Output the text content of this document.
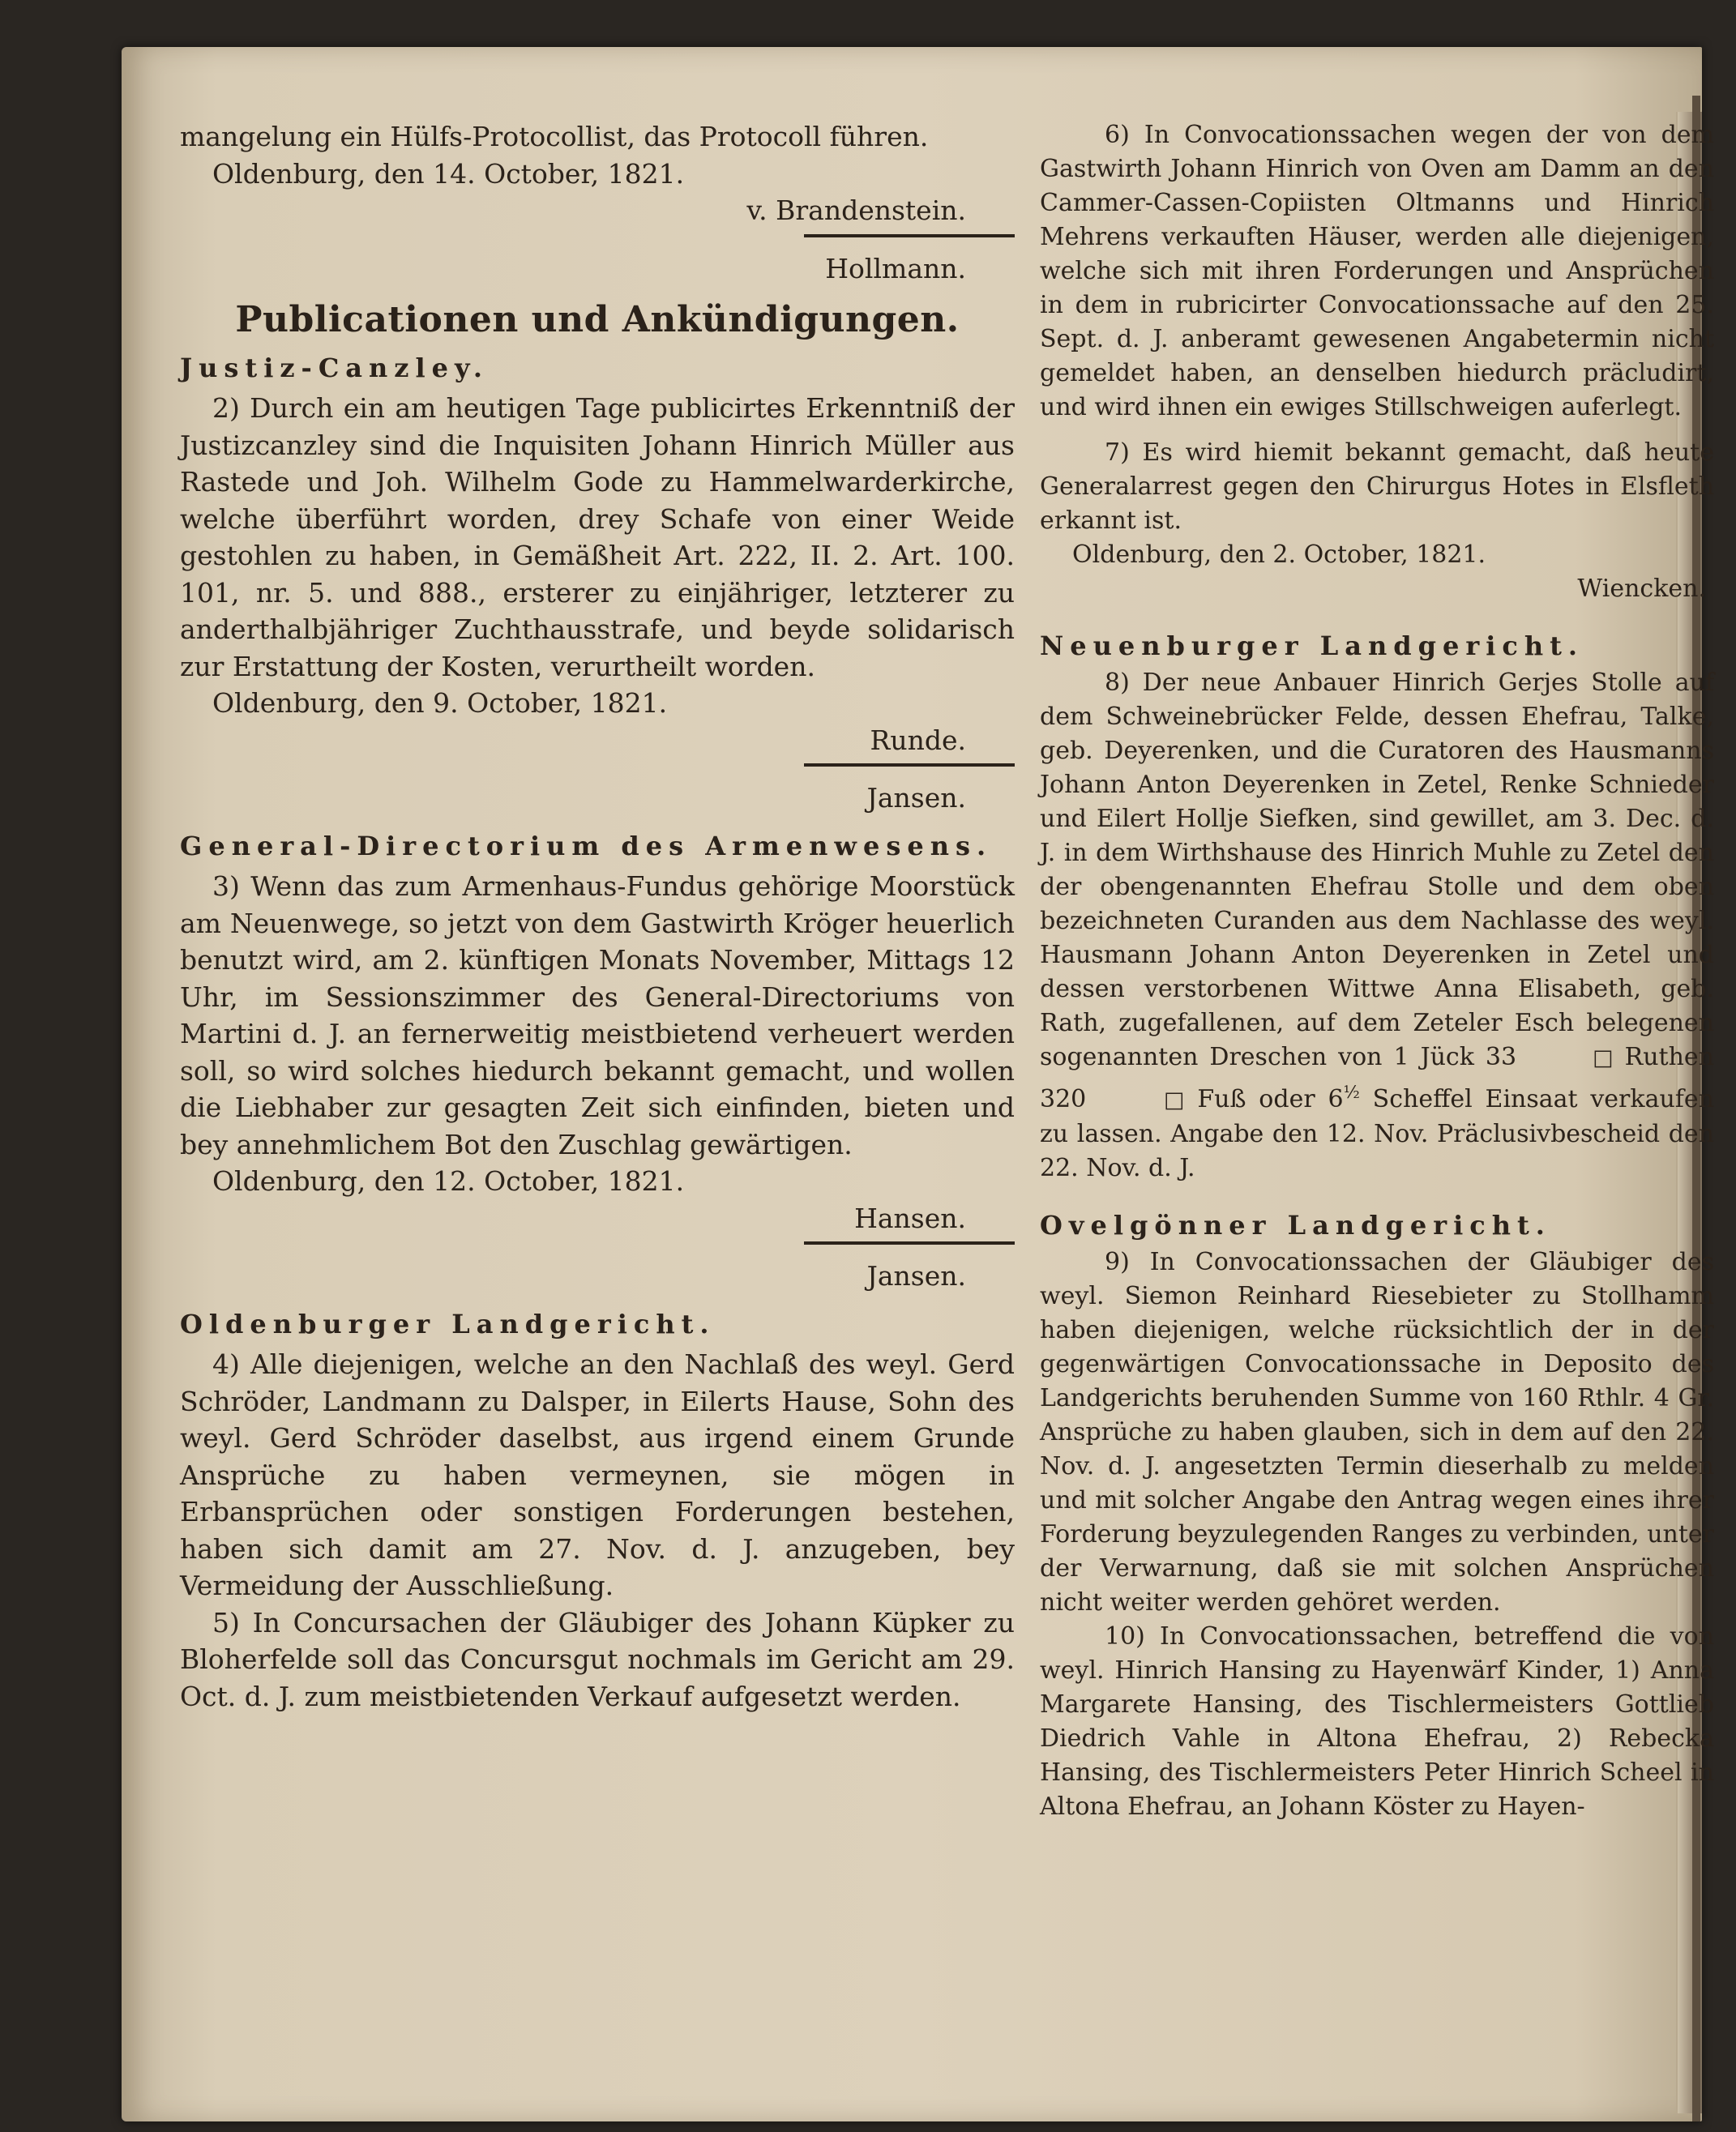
mangelung ein Hülfs-Protocollist, das Protocoll führen.

Oldenburg, den 14. October, 1821.

v. Brandenstein.

Hollmann.

Publicationen und Ankündigungen.
Justiz-Canzley.

2) Durch ein am heutigen Tage publicirtes Erkenntniß der Justizcanzley sind die Inquisiten Johann Hinrich Müller aus Rastede und Joh. Wilhelm Gode zu Hammelwarderkirche, welche überführt worden, drey Schafe von einer Weide gestohlen zu haben, in Gemäßheit Art. 222, II. 2. Art. 100. 101, nr. 5. und 888., ersterer zu einjähriger, letzterer zu anderthalbjähriger Zuchthausstrafe, und beyde solidarisch zur Erstattung der Kosten, verurtheilt worden.

Oldenburg, den 9. October, 1821.

Runde.

Jansen.

General-Directorium des Armenwesens.

3) Wenn das zum Armenhaus-Fundus gehörige Moorstück am Neuenwege, so jetzt von dem Gastwirth Kröger heuerlich benutzt wird, am 2. künftigen Monats November, Mittags 12 Uhr, im Sessionszimmer des General-Directoriums von Martini d. J. an fernerweitig meistbietend verheuert werden soll, so wird solches hiedurch bekannt gemacht, und wollen die Liebhaber zur gesagten Zeit sich einfinden, bieten und bey annehmlichem Bot den Zuschlag gewärtigen.

Oldenburg, den 12. October, 1821.

Hansen.

Jansen.

Oldenburger Landgericht.

4) Alle diejenigen, welche an den Nachlaß des weyl. Gerd Schröder, Landmann zu Dalsper, in Eilerts Hause, Sohn des weyl. Gerd Schröder daselbst, aus irgend einem Grunde Ansprüche zu haben vermeynen, sie mögen in Erbansprüchen oder sonstigen Forderungen bestehen, haben sich damit am 27. Nov. d. J. anzugeben, bey Vermeidung der Ausschließung.

5) In Concursachen der Gläubiger des Johann Küpker zu Bloherfelde soll das Concursgut nochmals im Gericht am 29. Oct. d. J. zum meistbietenden Verkauf aufgesetzt werden.

6) In Convocationssachen wegen der von dem Gastwirth Johann Hinrich von Oven am Damm an den Cammer-Cassen-Copiisten Oltmanns und Hinrich Mehrens verkauften Häuser, werden alle diejenigen, welche sich mit ihren Forderungen und Ansprüchen in dem in rubricirter Convocationssache auf den 25. Sept. d. J. anberamt gewesenen Angabetermin nicht gemeldet haben, an denselben hiedurch präcludirt, und wird ihnen ein ewiges Stillschweigen auferlegt.

7) Es wird hiemit bekannt gemacht, daß heute Generalarrest gegen den Chirurgus Hotes in Elsfleth erkannt ist.

Oldenburg, den 2. October, 1821.

Wiencken.

Neuenburger Landgericht.

8) Der neue Anbauer Hinrich Gerjes Stolle auf dem Schweinebrücker Felde, dessen Ehefrau, Talke, geb. Deyerenken, und die Curatoren des Hausmanns Johann Anton Deyerenken in Zetel, Renke Schnieder und Eilert Hollje Siefken, sind gewillet, am 3. Dec. d. J. in dem Wirthshause des Hinrich Muhle zu Zetel den der obengenannten Ehefrau Stolle und dem oben bezeichneten Curanden aus dem Nachlasse des weyl. Hausmann Johann Anton Deyerenken in Zetel und dessen verstorbenen Wittwe Anna Elisabeth, geb. Rath, zugefallenen, auf dem Zeteler Esch belegenen sogenannten Dreschen von 1 Jück 33	□ Ruthen 320	□ Fuß oder $6^{\frac{1}{2}}$ Scheffel Einsaat verkaufen zu lassen. Angabe den 12. Nov. Präclusivbescheid den 22. Nov. d. J.

Ovelgönner Landgericht.

9) In Convocationssachen der Gläubiger des weyl. Siemon Reinhard Riesebieter zu Stollhamm haben diejenigen, welche rücksichtlich der in der gegenwärtigen Convocationssache in Deposito des Landgerichts beruhenden Summe von 160 Rthlr. 4 Gr. Ansprüche zu haben glauben, sich in dem auf den 22. Nov. d. J. angesetzten Termin dieserhalb zu melden und mit solcher Angabe den Antrag wegen eines ihrer Forderung beyzulegenden Ranges zu verbinden, unter der Verwarnung, daß sie mit solchen Ansprüchen nicht weiter werden gehöret werden.

10) In Convocationssachen, betreffend die von weyl. Hinrich Hansing zu Hayenwärf Kinder, 1) Anna Margarete Hansing, des Tischlermeisters Gottlieb Diedrich Vahle in Altona Ehefrau, 2) Rebecka Hansing, des Tischlermeisters Peter Hinrich Scheel in Altona Ehefrau, an Johann Köster zu Hayen-
